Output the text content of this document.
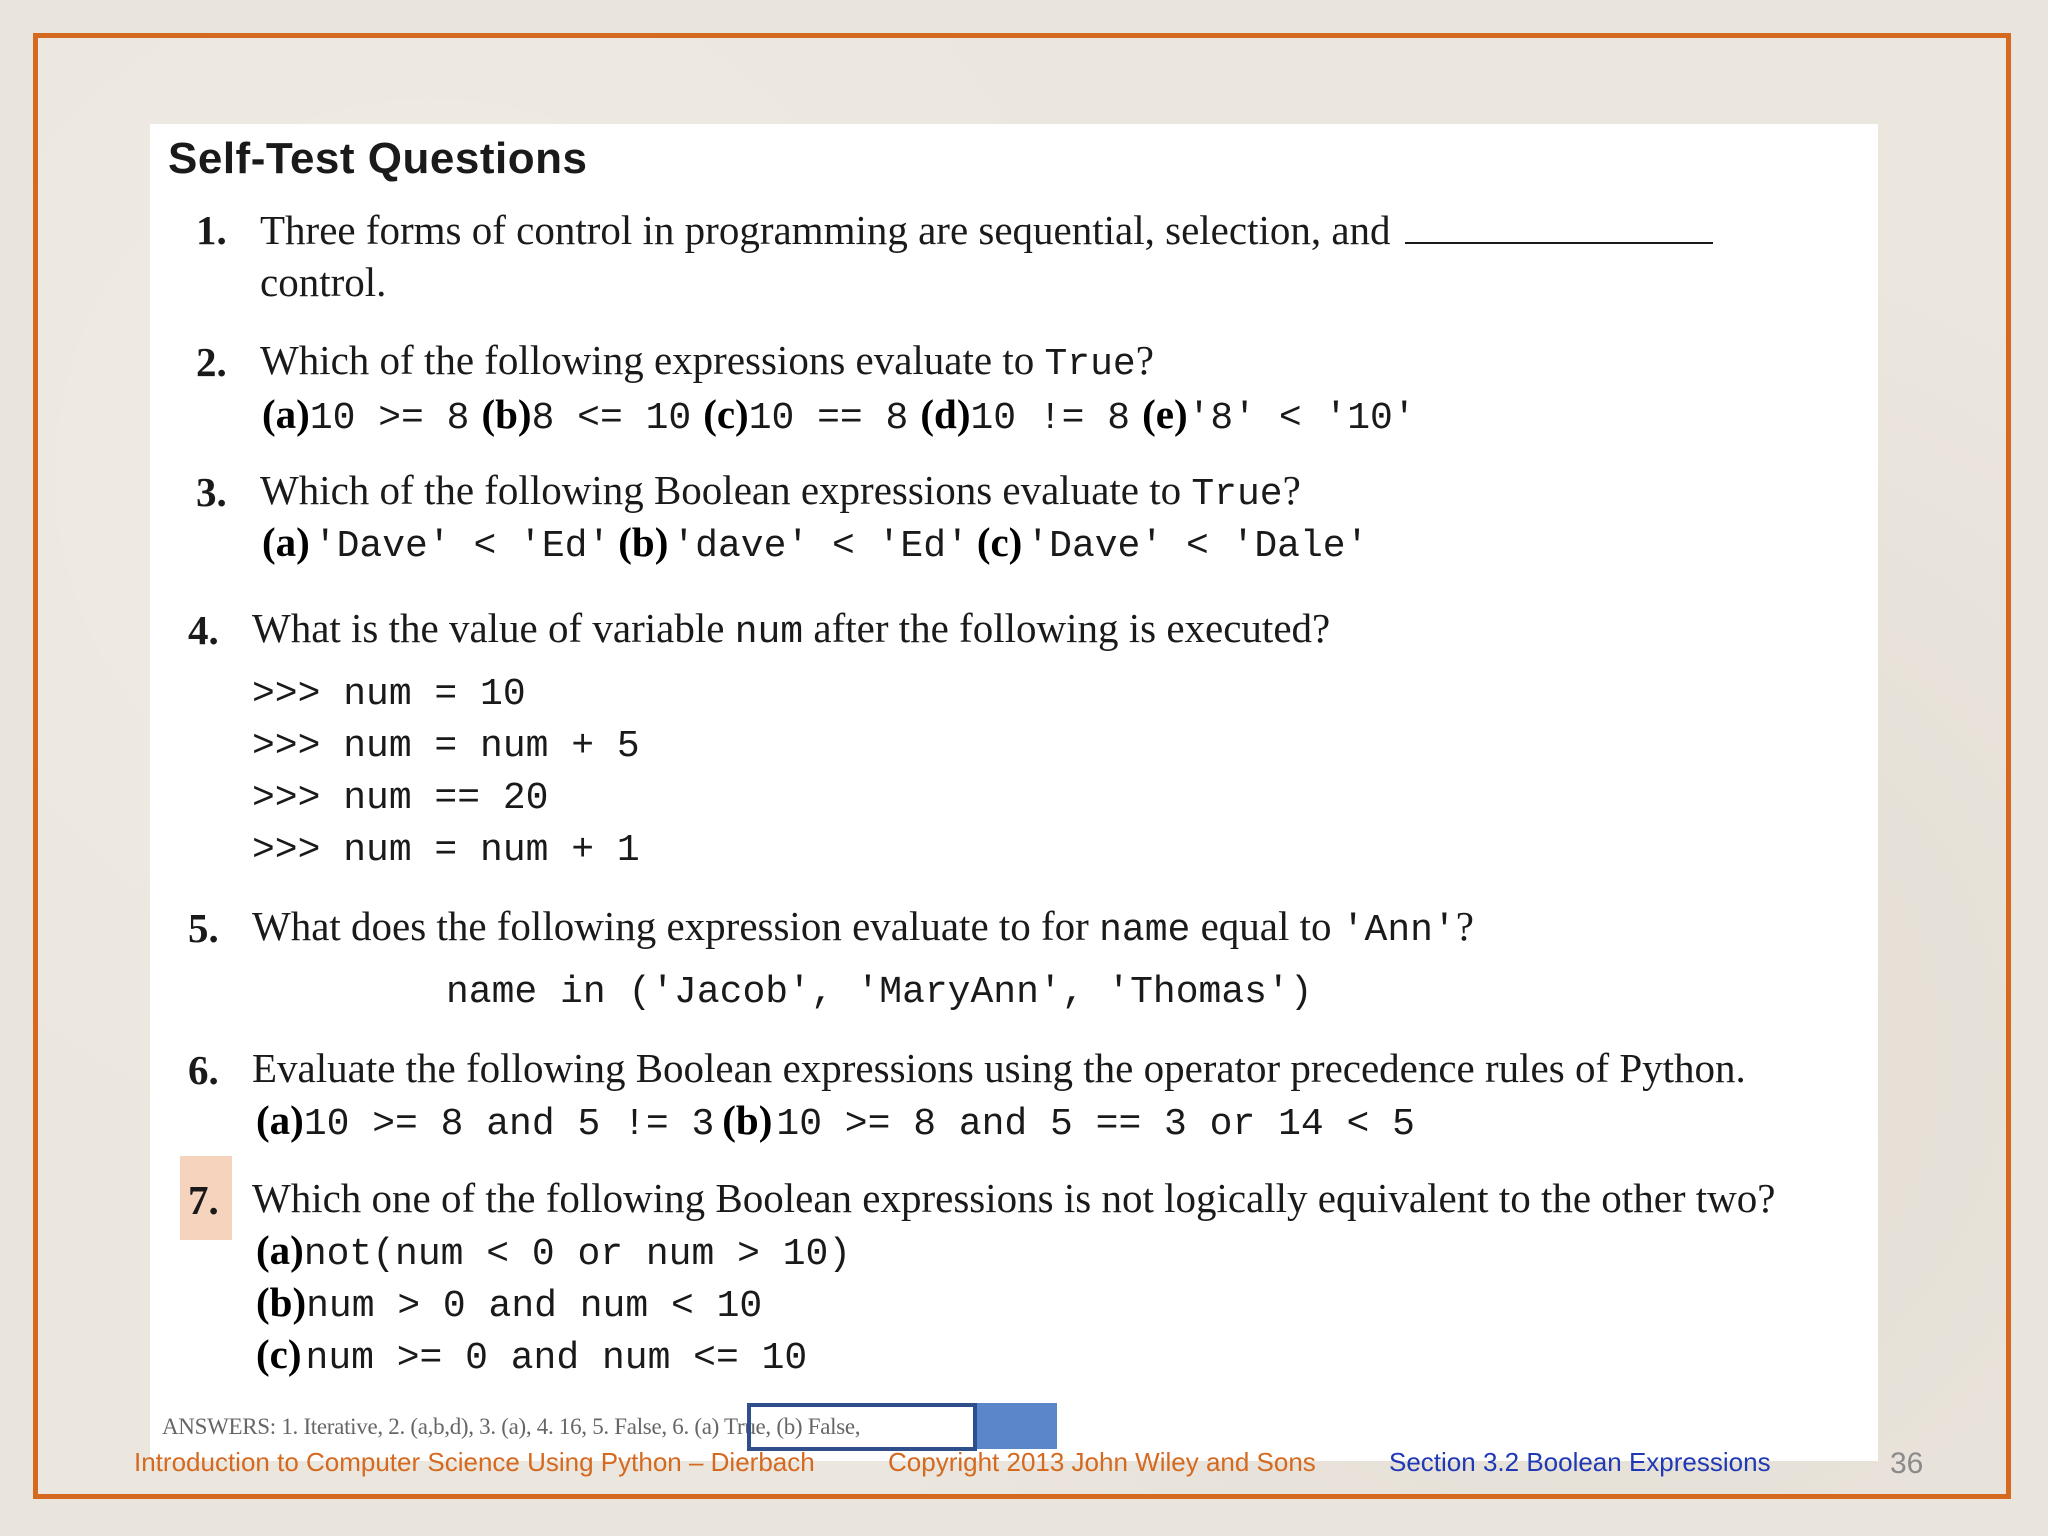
Self-Test Questions
1. Three forms of control in programming are sequential, selection, and
control.
2. Which of the following expressions evaluate to True?
(a)10 >= 8 (b)8 <= 10 (c)10 == 8 (d)10 != 8 (e)'8' < '10'
3. Which of the following Boolean expressions evaluate to True?
(a) 'Dave' < 'Ed' (b) 'dave' < 'Ed' (c) 'Dave' < 'Dale'
4. What is the value of variable num after the following is executed?
>>> num = 10
>>> num = num + 5
>>> num == 20
>>> num = num + 1
5. What does the following expression evaluate to for name equal to 'Ann'?
name in ('Jacob', 'MaryAnn', 'Thomas')
6. Evaluate the following Boolean expressions using the operator precedence rules of Python.
(a)10 >= 8 and 5 != 3 (b) 10 >= 8 and 5 == 3 or 14 < 5
7. Which one of the following Boolean expressions is not logically equivalent to the other two?
(a)not(num < 0 or num > 10)
(b)num > 0 and num < 10
(c) num >= 0 and num <= 10
ANSWERS: 1. Iterative, 2. (a,b,d), 3. (a), 4. 16, 5. False, 6. (a) True, (b) False,
Introduction to Computer Science Using Python – Dierbach	Copyright 2013 John Wiley and Sons	Section 3.2 Boolean Expressions	36
